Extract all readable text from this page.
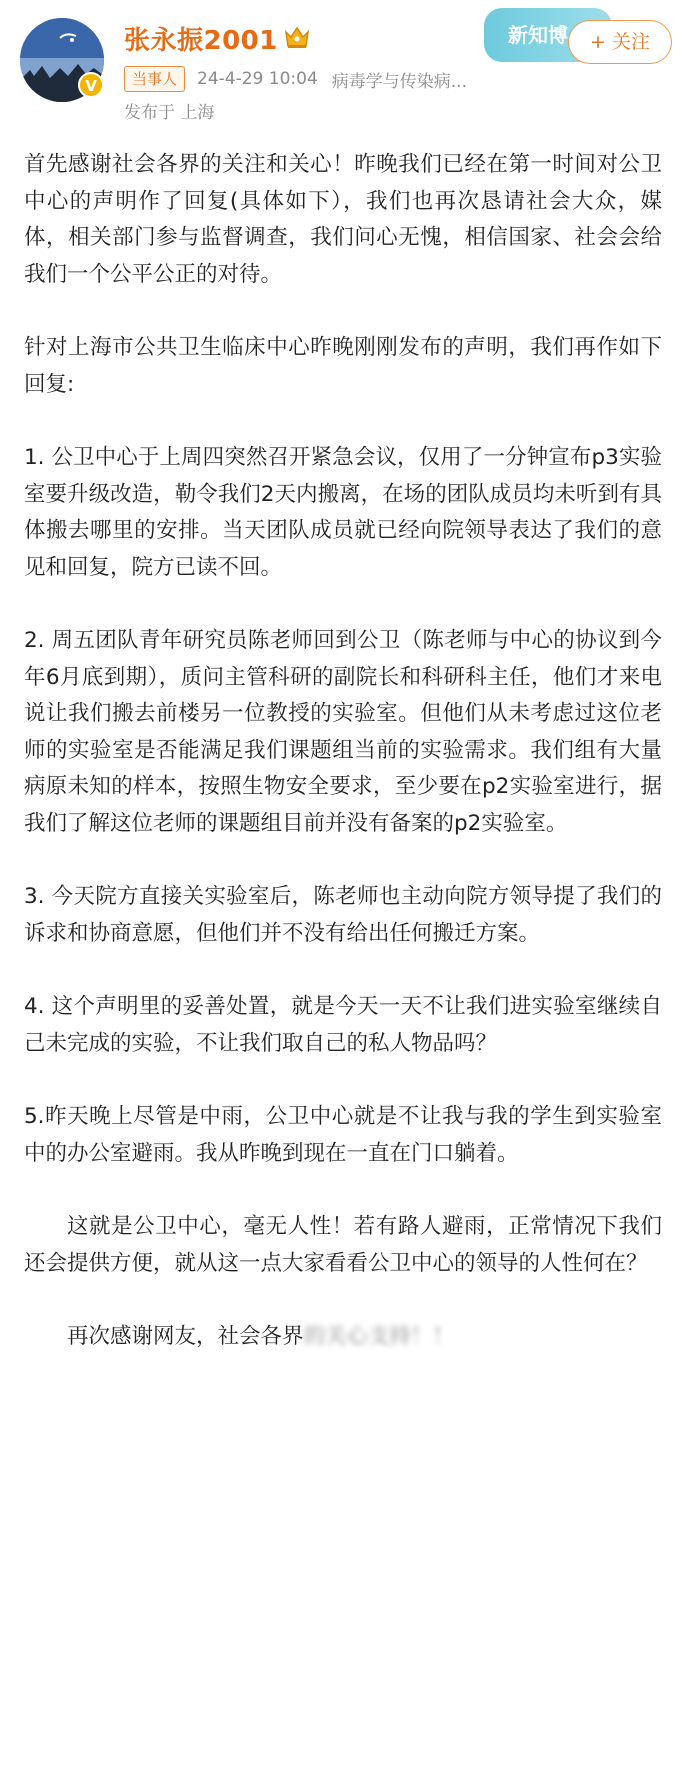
V
张永振2001
当事人	24-4-29 10:04 病毒学与传染病...
发布于 上海
新知博	+ 关注

首先感谢社会各界的关注和关心！昨晚我们已经在第一时间对公卫中心的声明作了回复(具体如下），我们也再次恳请社会大众，媒体，相关部门参与监督调查，我们问心无愧，相信国家、社会会给我们一个公平公正的对待。

针对上海市公共卫生临床中心昨晚刚刚发布的声明，我们再作如下回复:

1. 公卫中心于上周四突然召开紧急会议，仅用了一分钟宣布p3实验室要升级改造，勒令我们2天内搬离，在场的团队成员均未听到有具体搬去哪里的安排。当天团队成员就已经向院领导表达了我们的意见和回复，院方已读不回。

2. 周五团队青年研究员陈老师回到公卫（陈老师与中心的协议到今年6月底到期），质问主管科研的副院长和科研科主任，他们才来电说让我们搬去前楼另一位教授的实验室。但他们从未考虑过这位老师的实验室是否能满足我们课题组当前的实验需求。我们组有大量病原未知的样本，按照生物安全要求，至少要在p2实验室进行，据我们了解这位老师的课题组目前并没有备案的p2实验室。

3. 今天院方直接关实验室后，陈老师也主动向院方领导提了我们的诉求和协商意愿，但他们并不没有给出任何搬迁方案。

4. 这个声明里的妥善处置，就是今天一天不让我们进实验室继续自己未完成的实验，不让我们取自己的私人物品吗？

5.昨天晚上尽管是中雨，公卫中心就是不让我与我的学生到实验室中的办公室避雨。我从昨晚到现在一直在门口躺着。

这就是公卫中心，毫无人性！若有路人避雨，正常情况下我们还会提供方便，就从这一点大家看看公卫中心的领导的人性何在？

再次感谢网友，社会各界的关心支持！！
